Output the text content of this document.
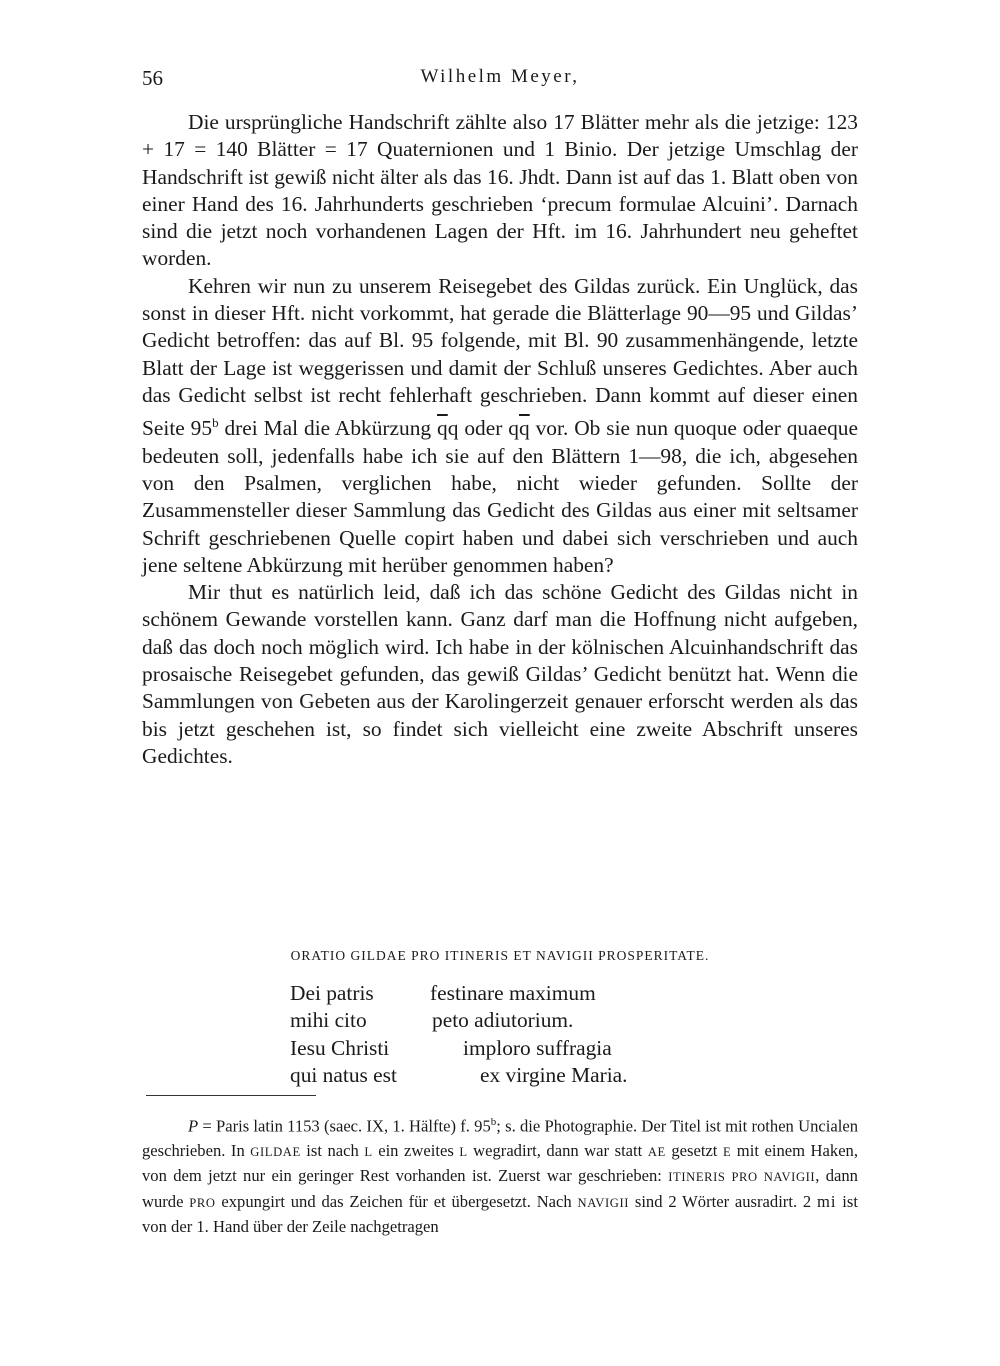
56	Wilhelm Meyer,

Die ursprüngliche Handschrift zählte also 17 Blätter mehr als die jetzige: 123 + 17 = 140 Blätter = 17 Quaternionen und 1 Binio. Der jetzige Umschlag der Handschrift ist gewiß nicht älter als das 16. Jhdt. Dann ist auf das 1. Blatt oben von einer Hand des 16. Jahrhunderts geschrieben ‘precum formulae Alcuini’. Darnach sind die jetzt noch vorhandenen Lagen der Hft. im 16. Jahrhundert neu geheftet worden.

Kehren wir nun zu unserem Reisegebet des Gildas zurück. Ein Unglück, das sonst in dieser Hft. nicht vorkommt, hat gerade die Blätterlage 90—95 und Gildas’ Gedicht betroffen: das auf Bl. 95 folgende, mit Bl. 90 zusammenhängende, letzte Blatt der Lage ist weggerissen und damit der Schluß unseres Gedichtes. Aber auch das Gedicht selbst ist recht fehlerhaft geschrieben. Dann kommt auf dieser einen Seite 95$^b$ drei Mal die Abkürzung $\overline{q}q$ oder $q\overline{q}$ vor. Ob sie nun quoque oder quaeque bedeuten soll, jedenfalls habe ich sie auf den Blättern 1—98, die ich, abgesehen von den Psalmen, verglichen habe, nicht wieder gefunden. Sollte der Zusammensteller dieser Sammlung das Gedicht des Gildas aus einer mit seltsamer Schrift geschriebenen Quelle copirt haben und dabei sich verschrieben und auch jene seltene Abkürzung mit herüber genommen haben?

Mir thut es natürlich leid, daß ich das schöne Gedicht des Gildas nicht in schönem Gewande vorstellen kann. Ganz darf man die Hoffnung nicht aufgeben, daß das doch noch möglich wird. Ich habe in der kölnischen Alcuinhandschrift das prosaische Reisegebet gefunden, das gewiß Gildas’ Gedicht benützt hat. Wenn die Sammlungen von Gebeten aus der Karolingerzeit genauer erforscht werden als das bis jetzt geschehen ist, so findet sich vielleicht eine zweite Abschrift unseres Gedichtes.

ORATIO GILDAE PRO ITINERIS ET NAVIGII PROSPERITATE.
Dei patris	festinare maximum
mihi cito	peto adiutorium.
Iesu Christi	imploro suffragia
qui natus est	ex virgine Maria.

P = Paris latin 1153 (saec. IX, 1. Hälfte) f. 95$^b$; s. die Photographie. Der Titel ist mit rothen Uncialen geschrieben. In GILDAE ist nach L ein zweites L wegradirt, dann war statt AE gesetzt E mit einem Haken, von dem jetzt nur ein geringer Rest vorhanden ist. Zuerst war geschrieben: ITINERIS PRO NAVIGII, dann wurde PRO expungirt und das Zeichen für et übergesetzt. Nach NAVIGII sind 2 Wörter ausradirt. 2 mi ist von der 1. Hand über der Zeile nachgetragen
